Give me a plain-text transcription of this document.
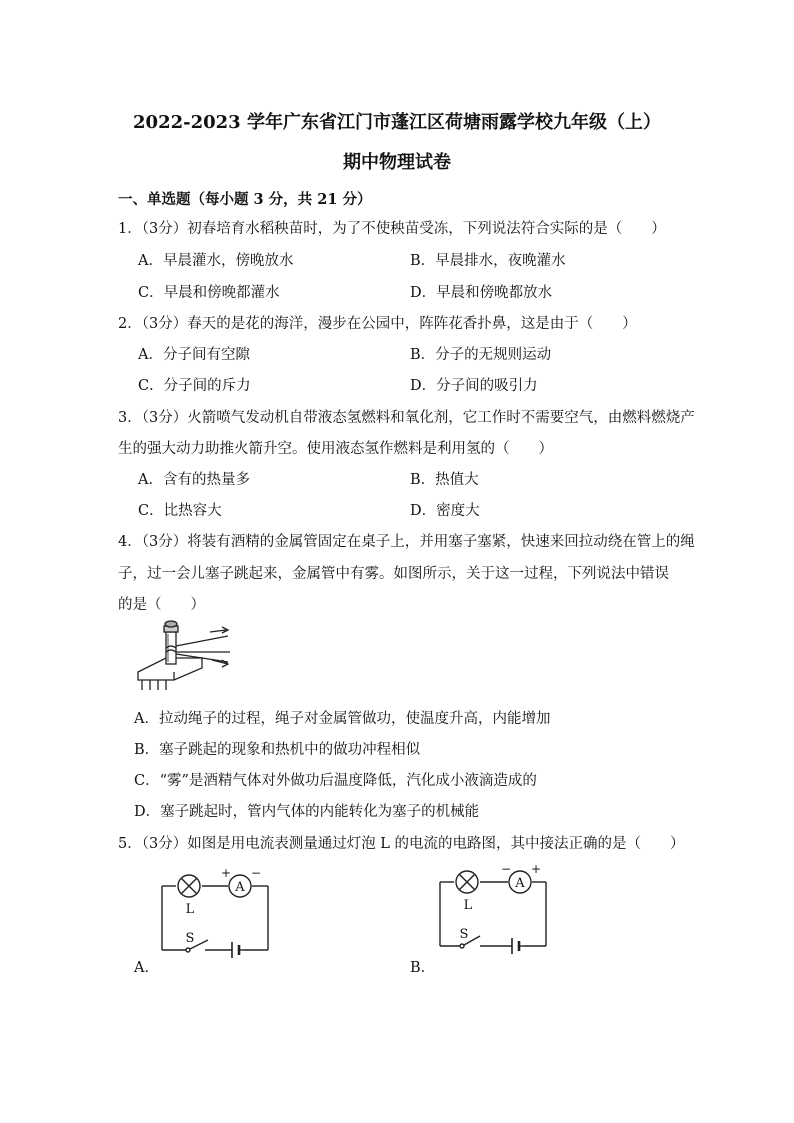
2022-2023 学年广东省江门市蓬江区荷塘雨露学校九年级（上）
期中物理试卷
一、单选题（每小题 3 分，共 21 分）
1．（3分）初春培育水稻秧苗时，为了不使秧苗受冻，下列说法符合实际的是（　　）
A．早晨灌水，傍晚放水	B．早晨排水，夜晚灌水
C．早晨和傍晚都灌水	D．早晨和傍晚都放水
2．（3分）春天的是花的海洋，漫步在公园中，阵阵花香扑鼻，这是由于（　　）
A．分子间有空隙	B．分子的无规则运动
C．分子间的斥力	D．分子间的吸引力
3．（3分）火箭喷气发动机自带液态氢燃料和氧化剂，它工作时不需要空气，由燃料燃烧产
生的强大动力助推火箭升空。使用液态氢作燃料是利用氢的（　　）
A．含有的热量多	B．热值大
C．比热容大	D．密度大
4．（3分）将装有酒精的金属管固定在桌子上，并用塞子塞紧，快速来回拉动绕在管上的绳
子，过一会儿塞子跳起来，金属管中有雾。如图所示，关于这一过程，下列说法中错误
的是（　　）
A．拉动绳子的过程，绳子对金属管做功，使温度升高，内能增加
B．塞子跳起的现象和热机中的做功冲程相似
C．“雾”是酒精气体对外做功后温度降低，汽化成小液滴造成的
D．塞子跳起时，管内气体的内能转化为塞子的机械能
5．（3分）如图是用电流表测量通过灯泡 L 的电流的电路图，其中接法正确的是（　　）
A．	B．
A
+ −
L
S
A
− +
L
S
